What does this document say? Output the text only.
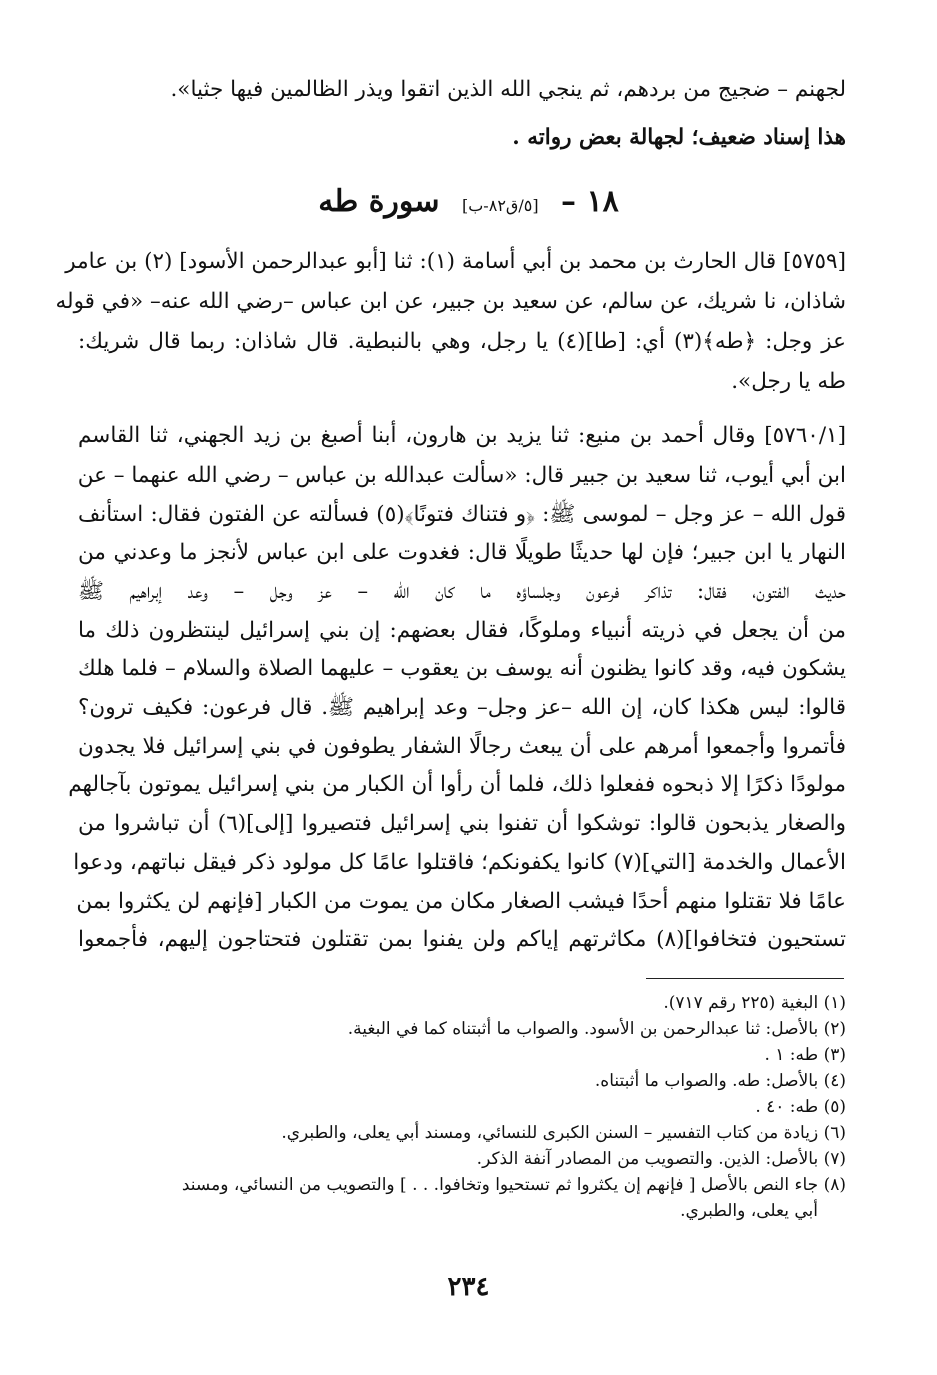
لجهنم – ضجيج من بردهم، ثم ينجي الله الذين اتقوا ويذر الظالمين فيها جثيا».
هذا إسناد ضعيف؛ لجهالة بعض رواته .
١٨ – [٥/ق٨٢-ب] سورة طه
[٥٧٥٩] قال الحارث بن محمد بن أبي أسامة (١): ثنا [أبو عبدالرحمن الأسود] (٢) بن عامر
شاذان، نا شريك، عن سالم، عن سعيد بن جبير، عن ابن عباس –رضي الله عنه– «في قوله
عز وجل: ﴿طه﴾(٣) أي: [طا](٤) يا رجل، وهي بالنبطية. قال شاذان: ربما قال شريك:
طه يا رجل».
[٥٧٦٠/١] وقال أحمد بن منيع: ثنا يزيد بن هارون، أبنا أصبغ بن زيد الجهني، ثنا القاسم
ابن أبي أيوب، ثنا سعيد بن جبير قال: «سألت عبدالله بن عباس – رضي الله عنهما – عن
قول الله – عز وجل – لموسى ﷺ: ﴿و فتناك فتونًا﴾(٥) فسألته عن الفتون فقال: استأنف
النهار يا ابن جبير؛ فإن لها حديثًا طويلًا قال: فغدوت على ابن عباس لأنجز ما وعدني من
حديث الفتون، فقال: تذاكر فرعون وجلساؤه ما كان الله – عز وجل – وعد إبراهيم ﷺ
من أن يجعل في ذريته أنبياء وملوكًا، فقال بعضهم: إن بني إسرائيل لينتظرون ذلك ما
يشكون فيه، وقد كانوا يظنون أنه يوسف بن يعقوب – عليهما الصلاة والسلام – فلما هلك
قالوا: ليس هكذا كان، إن الله –عز وجل– وعد إبراهيم ﷺ. قال فرعون: فكيف ترون؟
فأتمروا وأجمعوا أمرهم على أن يبعث رجالًا الشفار يطوفون في بني إسرائيل فلا يجدون
مولودًا ذكرًا إلا ذبحوه ففعلوا ذلك، فلما أن رأوا أن الكبار من بني إسرائيل يموتون بآجالهم
والصغار يذبحون قالوا: توشكوا أن تفنوا بني إسرائيل فتصيروا [إلى](٦) أن تباشروا من
الأعمال والخدمة [التي](٧) كانوا يكفونكم؛ فاقتلوا عامًا كل مولود ذكر فيقل نباتهم، ودعوا
عامًا فلا تقتلوا منهم أحدًا فيشب الصغار مكان من يموت من الكبار [فإنهم لن يكثروا بمن
تستحيون فتخافوا](٨) مكاثرتهم إياكم ولن يفنوا بمن تقتلون فتحتاجون إليهم، فأجمعوا
(١) البغية (٢٢٥ رقم ٧١٧).
(٢) بالأصل: ثنا عبدالرحمن بن الأسود. والصواب ما أثبتناه كما في البغية.
(٣) طه: ١ .
(٤) بالأصل: طه. والصواب ما أثبتناه.
(٥) طه: ٤٠ .
(٦) زيادة من كتاب التفسير – السنن الكبرى للنسائي، ومسند أبي يعلى، والطبري.
(٧) بالأصل: الذين. والتصويب من المصادر آنفة الذكر.
(٨) جاء النص بالأصل [ فإنهم إن يكثروا ثم تستحيوا وتخافوا. . . ] والتصويب من النسائي، ومسند
أبي يعلى، والطبري.
٢٣٤
